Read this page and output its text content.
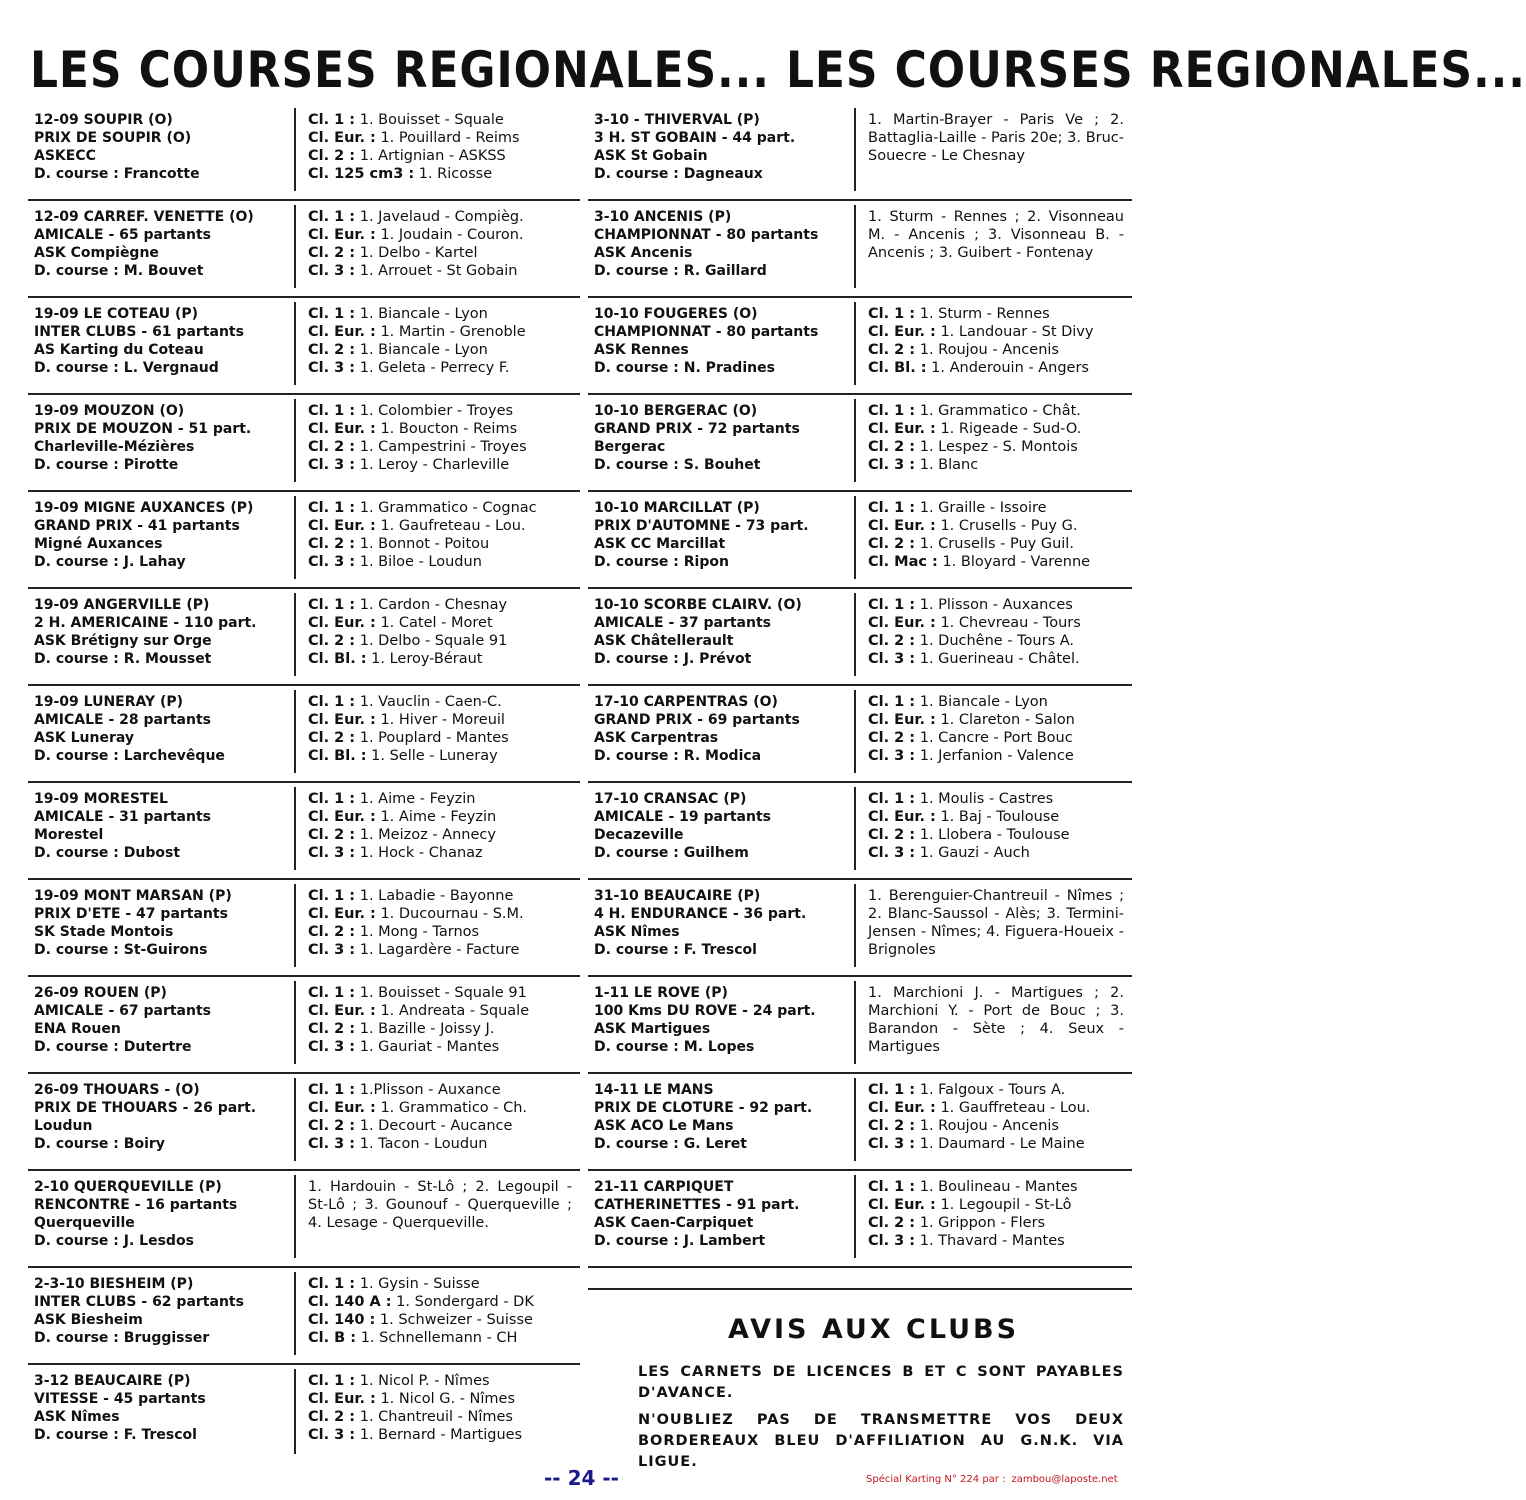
LES COURSES REGIONALES... LES COURSES REGIONALES...
12-09 SOUPIR (O)
PRIX DE SOUPIR (O)
ASKECC
D. course : Francotte
Cl. 1 : 1. Bouisset - Squale
Cl. Eur. : 1. Pouillard - Reims
Cl. 2 : 1. Artignian - ASKSS
Cl. 125 cm3 : 1. Ricosse
12-09 CARREF. VENETTE (O)
AMICALE - 65 partants
ASK Compiègne
D. course : M. Bouvet
Cl. 1 : 1. Javelaud - Compièg.
Cl. Eur. : 1. Joudain - Couron.
Cl. 2 : 1. Delbo - Kartel
Cl. 3 : 1. Arrouet - St Gobain
19-09 LE COTEAU (P)
INTER CLUBS - 61 partants
AS Karting du Coteau
D. course : L. Vergnaud
Cl. 1 : 1. Biancale - Lyon
Cl. Eur. : 1. Martin - Grenoble
Cl. 2 : 1. Biancale - Lyon
Cl. 3 : 1. Geleta - Perrecy F.
19-09 MOUZON (O)
PRIX DE MOUZON - 51 part.
Charleville-Mézières
D. course : Pirotte
Cl. 1 : 1. Colombier - Troyes
Cl. Eur. : 1. Boucton - Reims
Cl. 2 : 1. Campestrini - Troyes
Cl. 3 : 1. Leroy - Charleville
19-09 MIGNE AUXANCES (P)
GRAND PRIX - 41 partants
Migné Auxances
D. course : J. Lahay
Cl. 1 : 1. Grammatico - Cognac
Cl. Eur. : 1. Gaufreteau - Lou.
Cl. 2 : 1. Bonnot - Poitou
Cl. 3 : 1. Biloe - Loudun
19-09 ANGERVILLE (P)
2 H. AMERICAINE - 110 part.
ASK Brétigny sur Orge
D. course : R. Mousset
Cl. 1 : 1. Cardon - Chesnay
Cl. Eur. : 1. Catel - Moret
Cl. 2 : 1. Delbo - Squale 91
Cl. Bl. : 1. Leroy-Béraut
19-09 LUNERAY (P)
AMICALE - 28 partants
ASK Luneray
D. course : Larchevêque
Cl. 1 : 1. Vauclin - Caen-C.
Cl. Eur. : 1. Hiver - Moreuil
Cl. 2 : 1. Pouplard - Mantes
Cl. Bl. : 1. Selle - Luneray
19-09 MORESTEL
AMICALE - 31 partants
Morestel
D. course : Dubost
Cl. 1 : 1. Aime - Feyzin
Cl. Eur. : 1. Aime - Feyzin
Cl. 2 : 1. Meizoz - Annecy
Cl. 3 : 1. Hock - Chanaz
19-09 MONT MARSAN (P)
PRIX D'ETE - 47 partants
SK Stade Montois
D. course : St-Guirons
Cl. 1 : 1. Labadie - Bayonne
Cl. Eur. : 1. Ducournau - S.M.
Cl. 2 : 1. Mong - Tarnos
Cl. 3 : 1. Lagardère - Facture
26-09 ROUEN (P)
AMICALE - 67 partants
ENA Rouen
D. course : Dutertre
Cl. 1 : 1. Bouisset - Squale 91
Cl. Eur. : 1. Andreata - Squale
Cl. 2 : 1. Bazille - Joissy J.
Cl. 3 : 1. Gauriat - Mantes
26-09 THOUARS - (O)
PRIX DE THOUARS - 26 part.
Loudun
D. course : Boiry
Cl. 1 : 1.Plisson - Auxance
Cl. Eur. : 1. Grammatico - Ch.
Cl. 2 : 1. Decourt - Aucance
Cl. 3 : 1. Tacon - Loudun
2-10 QUERQUEVILLE (P)
RENCONTRE - 16 partants
Querqueville
D. course : J. Lesdos
1. Hardouin - St-Lô ; 2. Legoupil - St-Lô ; 3. Gounouf - Querqueville ; 4. Lesage - Querqueville.
2-3-10 BIESHEIM (P)
INTER CLUBS - 62 partants
ASK Biesheim
D. course : Bruggisser
Cl. 1 : 1. Gysin - Suisse
Cl. 140 A : 1. Sondergard - DK
Cl. 140 : 1. Schweizer - Suisse
Cl. B : 1. Schnellemann - CH
3-12 BEAUCAIRE (P)
VITESSE - 45 partants
ASK Nîmes
D. course : F. Trescol
Cl. 1 : 1. Nicol P. - Nîmes
Cl. Eur. : 1. Nicol G. - Nîmes
Cl. 2 : 1. Chantreuil - Nîmes
Cl. 3 : 1. Bernard - Martigues
3-10 - THIVERVAL (P)
3 H. ST GOBAIN - 44 part.
ASK St Gobain
D. course : Dagneaux
1. Martin-Brayer - Paris Ve ; 2. Battaglia-Laille - Paris 20e; 3. Bruc-Souecre - Le Chesnay
3-10 ANCENIS (P)
CHAMPIONNAT - 80 partants
ASK Ancenis
D. course : R. Gaillard
1. Sturm - Rennes ; 2. Visonneau M. - Ancenis ; 3. Visonneau B. - Ancenis ; 3. Guibert - Fontenay
10-10 FOUGERES (O)
CHAMPIONNAT - 80 partants
ASK Rennes
D. course : N. Pradines
Cl. 1 : 1. Sturm - Rennes
Cl. Eur. : 1. Landouar - St Divy
Cl. 2 : 1. Roujou - Ancenis
Cl. Bl. : 1. Anderouin - Angers
10-10 BERGERAC (O)
GRAND PRIX - 72 partants
Bergerac
D. course : S. Bouhet
Cl. 1 : 1. Grammatico - Chât.
Cl. Eur. : 1. Rigeade - Sud-O.
Cl. 2 : 1. Lespez - S. Montois
Cl. 3 : 1. Blanc
10-10 MARCILLAT (P)
PRIX D'AUTOMNE - 73 part.
ASK CC Marcillat
D. course : Ripon
Cl. 1 : 1. Graille - Issoire
Cl. Eur. : 1. Crusells - Puy G.
Cl. 2 : 1. Crusells - Puy Guil.
Cl. Mac : 1. Bloyard - Varenne
10-10 SCORBE CLAIRV. (O)
AMICALE - 37 partants
ASK Châtellerault
D. course : J. Prévot
Cl. 1 : 1. Plisson - Auxances
Cl. Eur. : 1. Chevreau - Tours
Cl. 2 : 1. Duchêne - Tours A.
Cl. 3 : 1. Guerineau - Châtel.
17-10 CARPENTRAS (O)
GRAND PRIX - 69 partants
ASK Carpentras
D. course : R. Modica
Cl. 1 : 1. Biancale - Lyon
Cl. Eur. : 1. Clareton - Salon
Cl. 2 : 1. Cancre - Port Bouc
Cl. 3 : 1. Jerfanion - Valence
17-10 CRANSAC (P)
AMICALE - 19 partants
Decazeville
D. course : Guilhem
Cl. 1 : 1. Moulis - Castres
Cl. Eur. : 1. Baj - Toulouse
Cl. 2 : 1. Llobera - Toulouse
Cl. 3 : 1. Gauzi - Auch
31-10 BEAUCAIRE (P)
4 H. ENDURANCE - 36 part.
ASK Nîmes
D. course : F. Trescol
1. Berenguier-Chantreuil - Nîmes ; 2. Blanc-Saussol - Alès; 3. Termini-Jensen - Nîmes; 4. Figuera-Houeix - Brignoles
1-11 LE ROVE (P)
100 Kms DU ROVE - 24 part.
ASK Martigues
D. course : M. Lopes
1. Marchioni J. - Martigues ; 2. Marchioni Y. - Port de Bouc ; 3. Barandon - Sète ; 4. Seux - Martigues
14-11 LE MANS
PRIX DE CLOTURE - 92 part.
ASK ACO Le Mans
D. course : G. Leret
Cl. 1 : 1. Falgoux - Tours A.
Cl. Eur. : 1. Gauffreteau - Lou.
Cl. 2 : 1. Roujou - Ancenis
Cl. 3 : 1. Daumard - Le Maine
21-11 CARPIQUET
CATHERINETTES - 91 part.
ASK Caen-Carpiquet
D. course : J. Lambert
Cl. 1 : 1. Boulineau - Mantes
Cl. Eur. : 1. Legoupil - St-Lô
Cl. 2 : 1. Grippon - Flers
Cl. 3 : 1. Thavard - Mantes
AVIS AUX CLUBS
LES CARNETS DE LICENCES B ET C SONT PAYABLES D'AVANCE.
N'OUBLIEZ PAS DE TRANSMETTRE VOS DEUX BORDEREAUX BLEU D'AFFILIATION AU G.N.K. VIA LIGUE.
-- 24 --	Spécial Karting N° 224 par : zambou@laposte.net
